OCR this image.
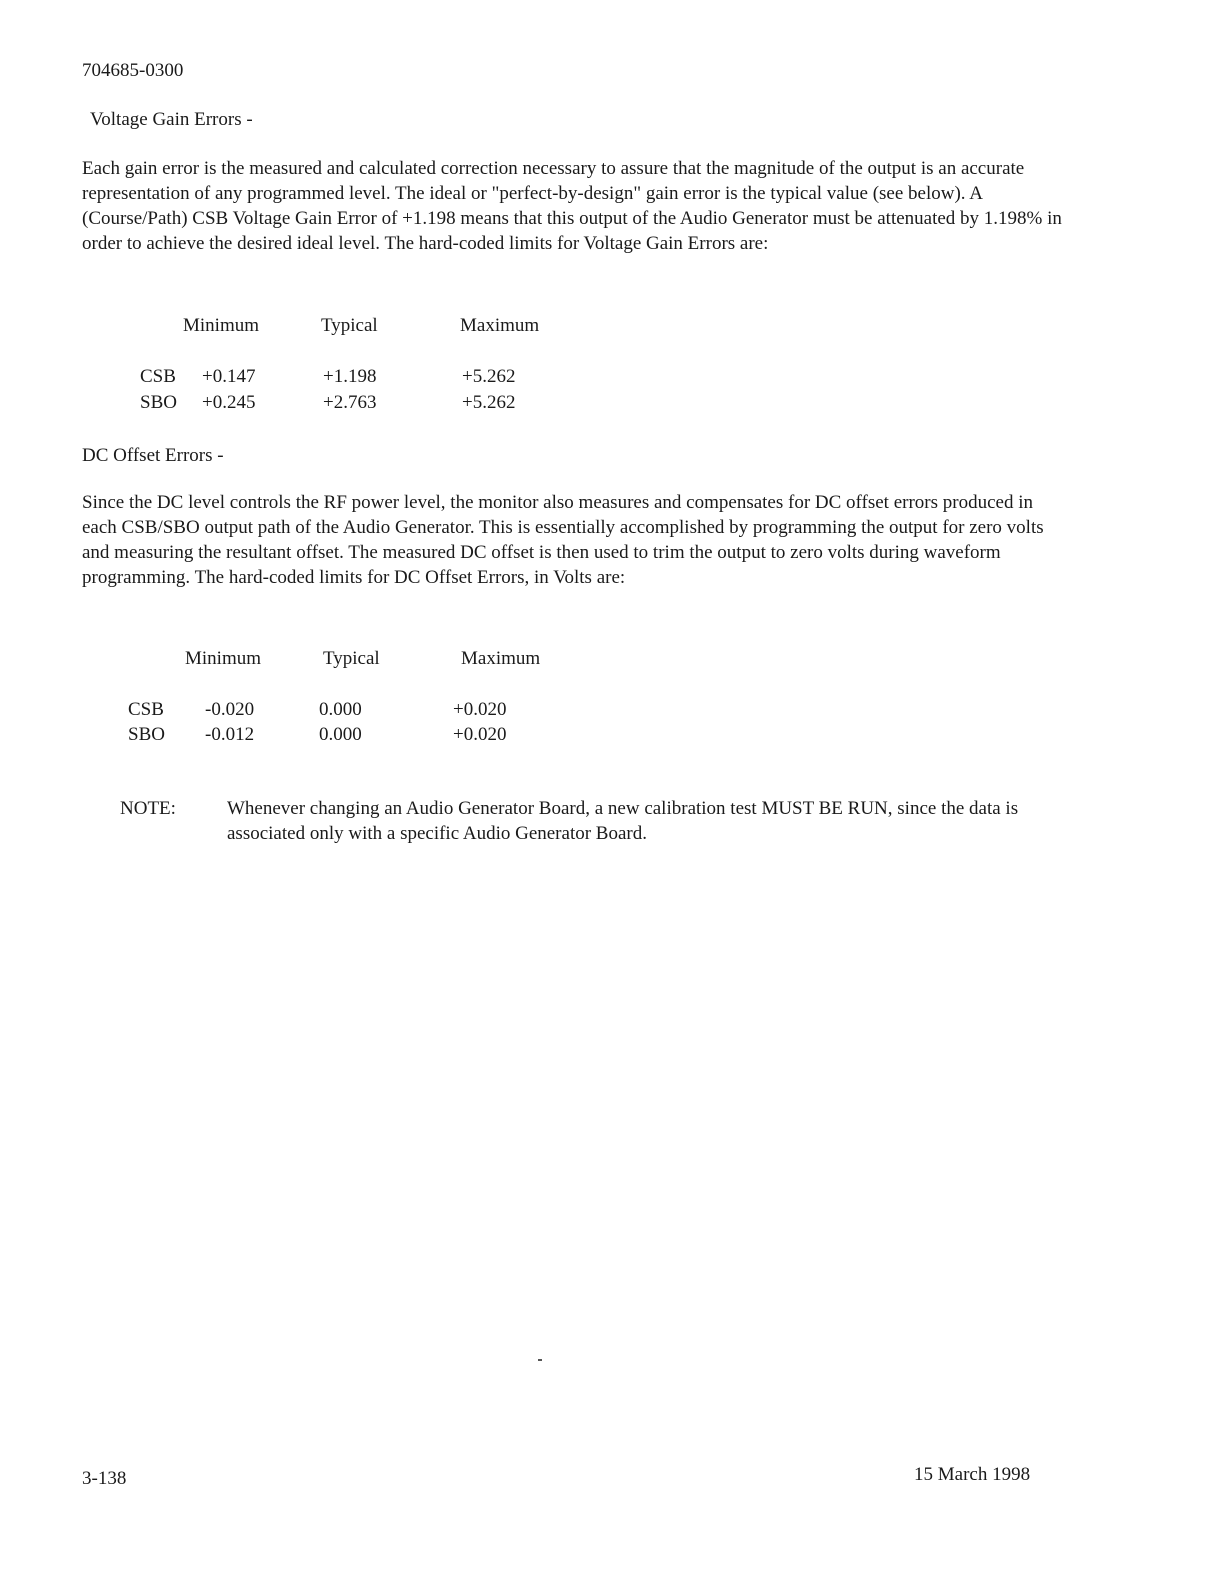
704685-0300
Voltage Gain Errors -
Each gain error is the measured and calculated correction necessary to assure that the magnitude of the output is an accurate representation of any programmed level. The ideal or "perfect-by-design" gain error is the typical value (see below). A (Course/Path) CSB Voltage Gain Error of +1.198 means that this output of the Audio Generator must be attenuated by 1.198% in order to achieve the desired ideal level. The hard-coded limits for Voltage Gain Errors are:
Minimum	Typical	Maximum
CSB +0.147	+1.198	+5.262
SBO +0.245	+2.763	+5.262
DC Offset Errors -
Since the DC level controls the RF power level, the monitor also measures and compensates for DC offset errors produced in each CSB/SBO output path of the Audio Generator. This is essentially accomplished by programming the output for zero volts and measuring the resultant offset. The measured DC offset is then used to trim the output to zero volts during waveform programming. The hard-coded limits for DC Offset Errors, in Volts are:
Minimum	Typical	Maximum
CSB -0.020	0.000	+0.020
SBO -0.012	0.000	+0.020
NOTE:	Whenever changing an Audio Generator Board, a new calibration test MUST BE RUN, since the data is associated only with a specific Audio Generator Board.
3-138	15 March 1998
